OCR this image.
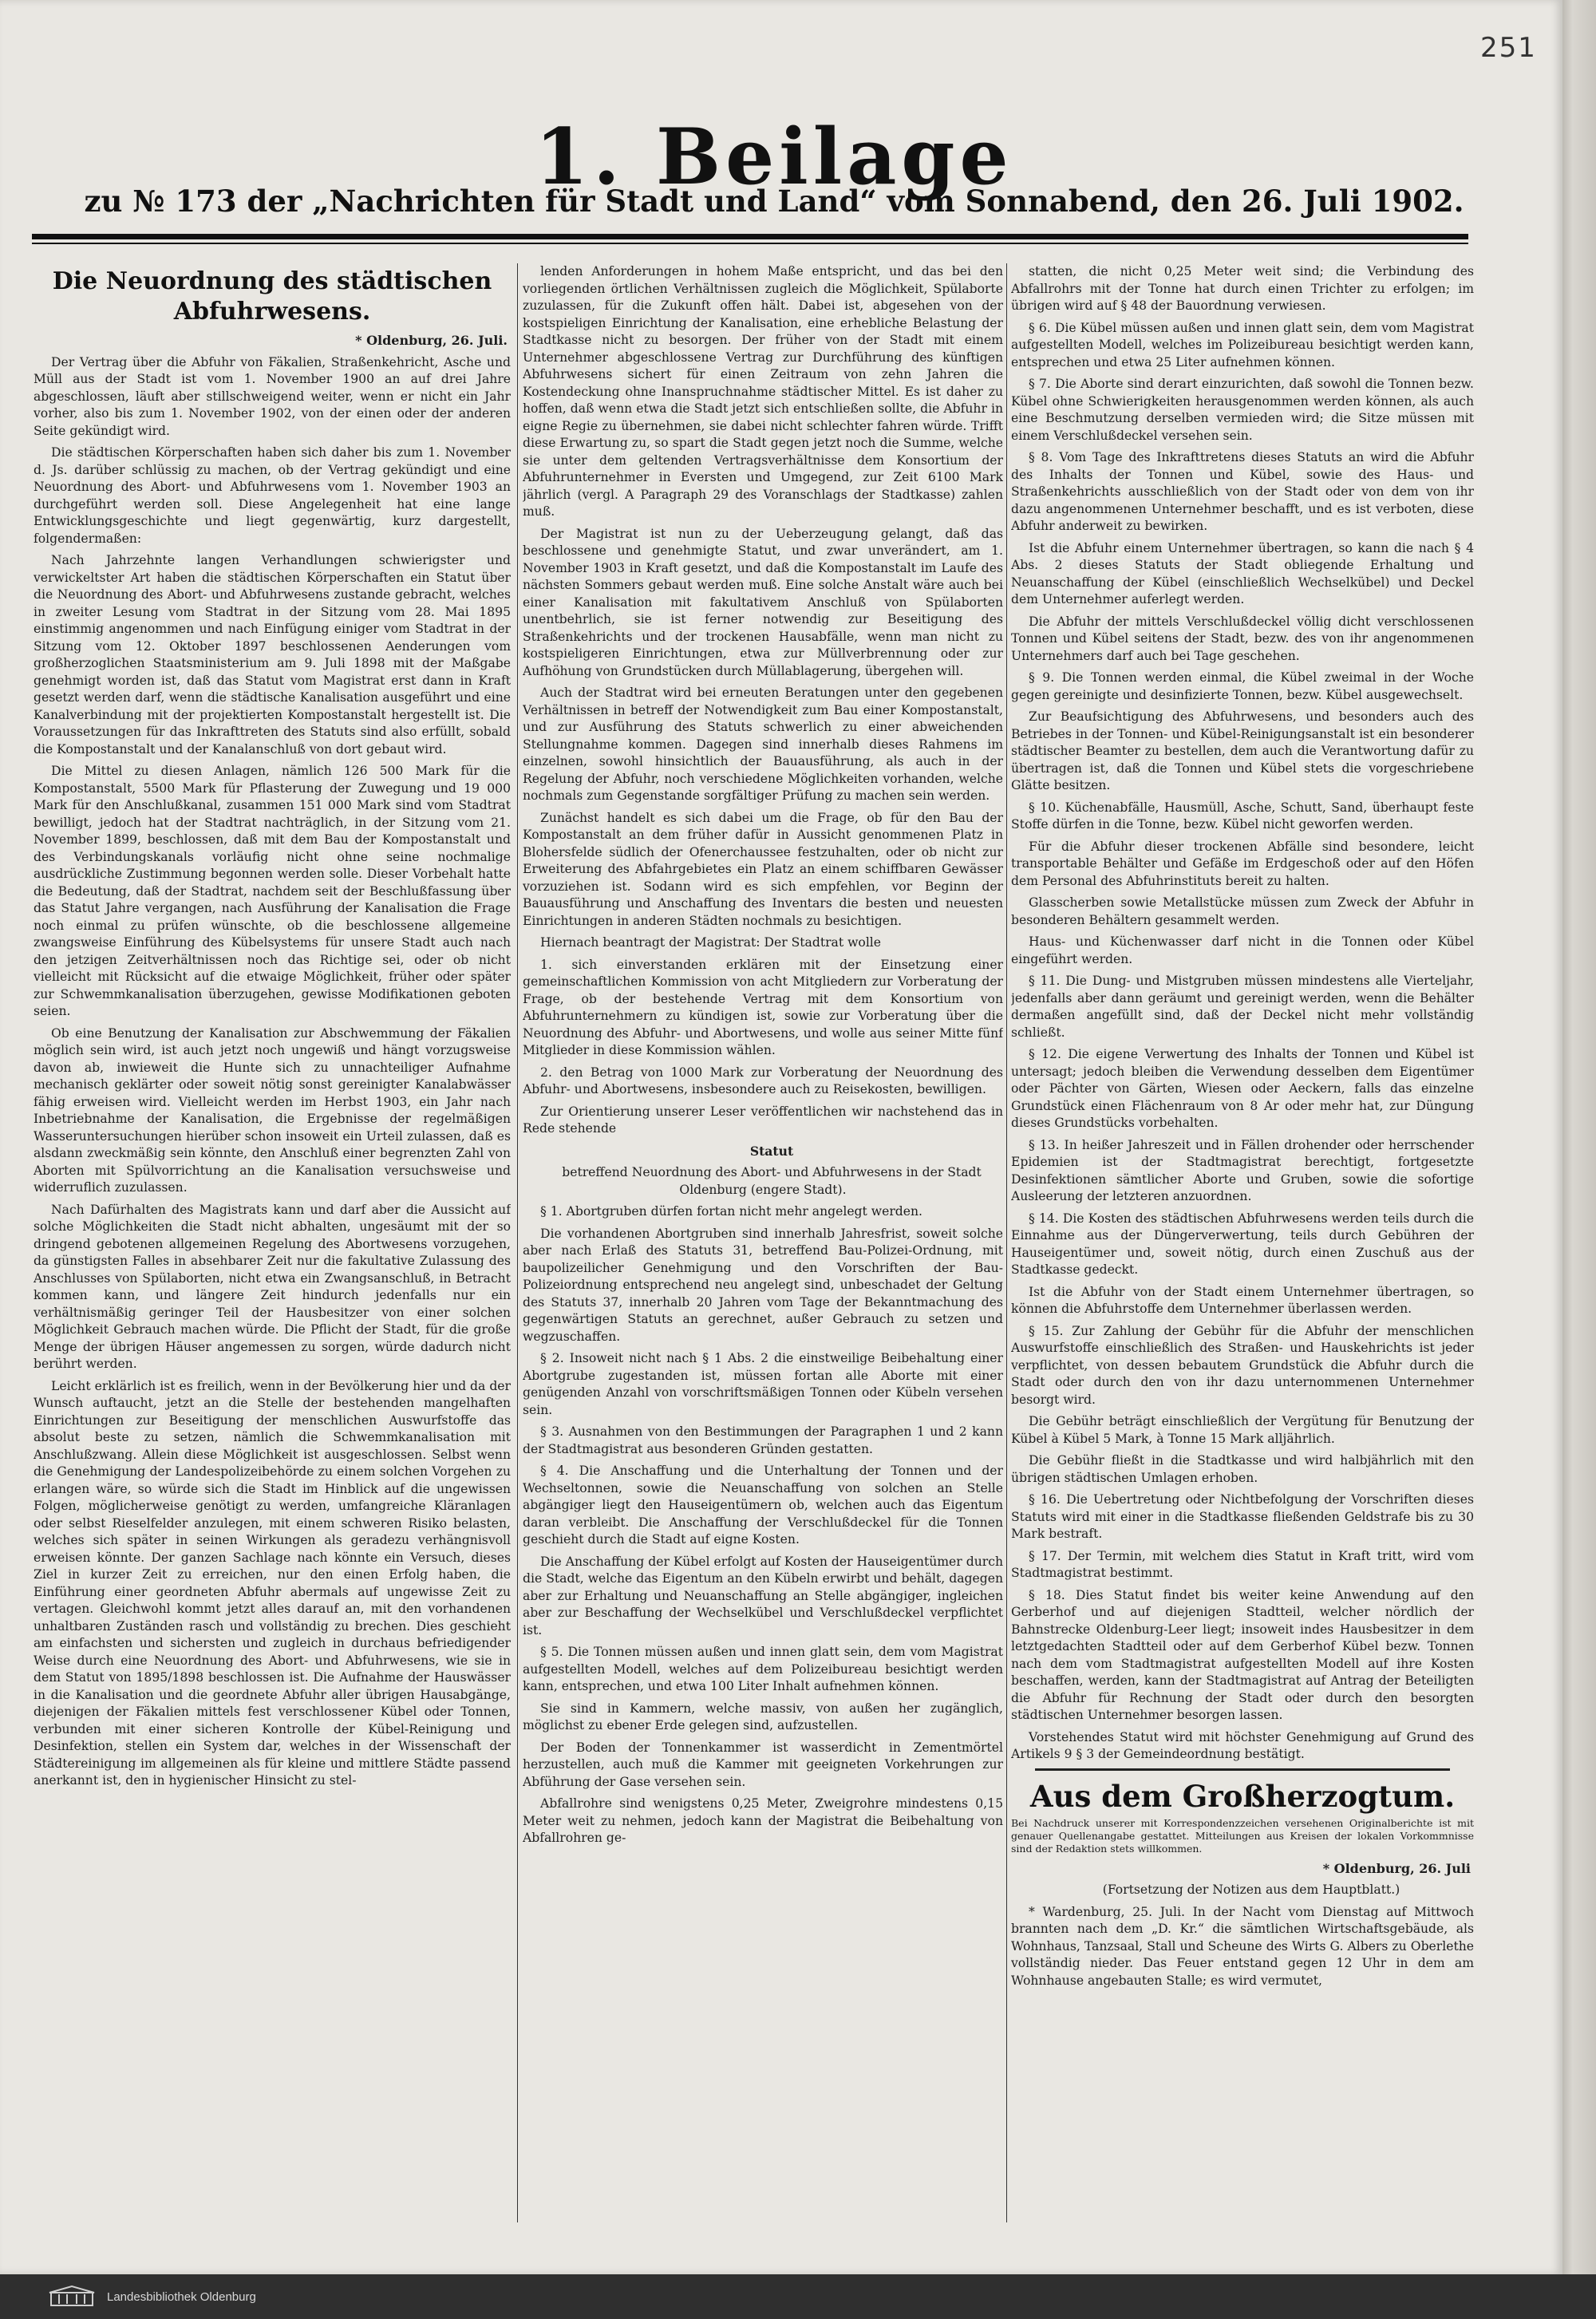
251
1. Beilage
zu № 173 der „Nachrichten für Stadt und Land“ vom Sonnabend, den 26. Juli 1902.
Die Neuordnung des städtischen Abfuhrwesens.
* Oldenburg, 26. Juli.

Der Vertrag über die Abfuhr von Fäkalien, Straßenkehricht, Asche und Müll aus der Stadt ist vom 1. November 1900 an auf drei Jahre abgeschlossen, läuft aber stillschweigend weiter, wenn er nicht ein Jahr vorher, also bis zum 1. November 1902, von der einen oder der anderen Seite gekündigt wird.

Die städtischen Körperschaften haben sich daher bis zum 1. November d. Js. darüber schlüssig zu machen, ob der Vertrag gekündigt und eine Neuordnung des Abort- und Abfuhrwesens vom 1. November 1903 an durchgeführt werden soll. Diese Angelegenheit hat eine lange Entwicklungsgeschichte und liegt gegenwärtig, kurz dargestellt, folgendermaßen:

Nach Jahrzehnte langen Verhandlungen schwierigster und verwickeltster Art haben die städtischen Körperschaften ein Statut über die Neuordnung des Abort- und Abfuhrwesens zustande gebracht, welches in zweiter Lesung vom Stadtrat in der Sitzung vom 28. Mai 1895 einstimmig angenommen und nach Einfügung einiger vom Stadtrat in der Sitzung vom 12. Oktober 1897 beschlossenen Aenderungen vom großherzoglichen Staatsministerium am 9. Juli 1898 mit der Maßgabe genehmigt worden ist, daß das Statut vom Magistrat erst dann in Kraft gesetzt werden darf, wenn die städtische Kanalisation ausgeführt und eine Kanalverbindung mit der projektierten Kompostanstalt hergestellt ist. Die Voraussetzungen für das Inkrafttreten des Statuts sind also erfüllt, sobald die Kompostanstalt und der Kanalanschluß von dort gebaut wird.

Die Mittel zu diesen Anlagen, nämlich 126 500 Mark für die Kompostanstalt, 5500 Mark für Pflasterung der Zuwegung und 19 000 Mark für den Anschlußkanal, zusammen 151 000 Mark sind vom Stadtrat bewilligt, jedoch hat der Stadtrat nachträglich, in der Sitzung vom 21. November 1899, beschlossen, daß mit dem Bau der Kompostanstalt und des Verbindungskanals vorläufig nicht ohne seine nochmalige ausdrückliche Zustimmung begonnen werden solle. Dieser Vorbehalt hatte die Bedeutung, daß der Stadtrat, nachdem seit der Beschlußfassung über das Statut Jahre vergangen, nach Ausführung der Kanalisation die Frage noch einmal zu prüfen wünschte, ob die beschlossene allgemeine zwangsweise Einführung des Kübelsystems für unsere Stadt auch nach den jetzigen Zeitverhältnissen noch das Richtige sei, oder ob nicht vielleicht mit Rücksicht auf die etwaige Möglichkeit, früher oder später zur Schwemmkanalisation überzugehen, gewisse Modifikationen geboten seien.

Ob eine Benutzung der Kanalisation zur Abschwemmung der Fäkalien möglich sein wird, ist auch jetzt noch ungewiß und hängt vorzugsweise davon ab, inwieweit die Hunte sich zu unnachteiliger Aufnahme mechanisch geklärter oder soweit nötig sonst gereinigter Kanalabwässer fähig erweisen wird. Vielleicht werden im Herbst 1903, ein Jahr nach Inbetriebnahme der Kanalisation, die Ergebnisse der regelmäßigen Wasseruntersuchungen hierüber schon insoweit ein Urteil zulassen, daß es alsdann zweckmäßig sein könnte, den Anschluß einer begrenzten Zahl von Aborten mit Spülvorrichtung an die Kanalisation versuchsweise und widerruflich zuzulassen.

Nach Dafürhalten des Magistrats kann und darf aber die Aussicht auf solche Möglichkeiten die Stadt nicht abhalten, ungesäumt mit der so dringend gebotenen allgemeinen Regelung des Abortwesens vorzugehen, da günstigsten Falles in absehbarer Zeit nur die fakultative Zulassung des Anschlusses von Spülaborten, nicht etwa ein Zwangsanschluß, in Betracht kommen kann, und längere Zeit hindurch jedenfalls nur ein verhältnismäßig geringer Teil der Hausbesitzer von einer solchen Möglichkeit Gebrauch machen würde. Die Pflicht der Stadt, für die große Menge der übrigen Häuser angemessen zu sorgen, würde dadurch nicht berührt werden.

Leicht erklärlich ist es freilich, wenn in der Bevölkerung hier und da der Wunsch auftaucht, jetzt an die Stelle der bestehenden mangelhaften Einrichtungen zur Beseitigung der menschlichen Auswurfstoffe das absolut beste zu setzen, nämlich die Schwemmkanalisation mit Anschlußzwang. Allein diese Möglichkeit ist ausgeschlossen. Selbst wenn die Genehmigung der Landespolizeibehörde zu einem solchen Vorgehen zu erlangen wäre, so würde sich die Stadt im Hinblick auf die ungewissen Folgen, möglicherweise genötigt zu werden, umfangreiche Kläranlagen oder selbst Rieselfelder anzulegen, mit einem schweren Risiko belasten, welches sich später in seinen Wirkungen als geradezu verhängnisvoll erweisen könnte. Der ganzen Sachlage nach könnte ein Versuch, dieses Ziel in kurzer Zeit zu erreichen, nur den einen Erfolg haben, die Einführung einer geordneten Abfuhr abermals auf ungewisse Zeit zu vertagen. Gleichwohl kommt jetzt alles darauf an, mit den vorhandenen unhaltbaren Zuständen rasch und vollständig zu brechen. Dies geschieht am einfachsten und sichersten und zugleich in durchaus befriedigender Weise durch eine Neuordnung des Abort- und Abfuhrwesens, wie sie in dem Statut von 1895/1898 beschlossen ist. Die Aufnahme der Hauswässer in die Kanalisation und die geordnete Abfuhr aller übrigen Hausabgänge, diejenigen der Fäkalien mittels fest verschlossener Kübel oder Tonnen, verbunden mit einer sicheren Kontrolle der Kübel-Reinigung und Desinfektion, stellen ein System dar, welches in der Wissenschaft der Städtereinigung im allgemeinen als für kleine und mittlere Städte passend anerkannt ist, den in hygienischer Hinsicht zu stel-

lenden Anforderungen in hohem Maße entspricht, und das bei den vorliegenden örtlichen Verhältnissen zugleich die Möglichkeit, Spülaborte zuzulassen, für die Zukunft offen hält. Dabei ist, abgesehen von der kostspieligen Einrichtung der Kanalisation, eine erhebliche Belastung der Stadtkasse nicht zu besorgen. Der früher von der Stadt mit einem Unternehmer abgeschlossene Vertrag zur Durchführung des künftigen Abfuhrwesens sichert für einen Zeitraum von zehn Jahren die Kostendeckung ohne Inanspruchnahme städtischer Mittel. Es ist daher zu hoffen, daß wenn etwa die Stadt jetzt sich entschließen sollte, die Abfuhr in eigne Regie zu übernehmen, sie dabei nicht schlechter fahren würde. Trifft diese Erwartung zu, so spart die Stadt gegen jetzt noch die Summe, welche sie unter dem geltenden Vertragsverhältnisse dem Konsortium der Abfuhrunternehmer in Eversten und Umgegend, zur Zeit 6100 Mark jährlich (vergl. A Paragraph 29 des Voranschlags der Stadtkasse) zahlen muß.

Der Magistrat ist nun zu der Ueberzeugung gelangt, daß das beschlossene und genehmigte Statut, und zwar unverändert, am 1. November 1903 in Kraft gesetzt, und daß die Kompostanstalt im Laufe des nächsten Sommers gebaut werden muß. Eine solche Anstalt wäre auch bei einer Kanalisation mit fakultativem Anschluß von Spülaborten unentbehrlich, sie ist ferner notwendig zur Beseitigung des Straßenkehrichts und der trockenen Hausabfälle, wenn man nicht zu kostspieligeren Einrichtungen, etwa zur Müllverbrennung oder zur Aufhöhung von Grundstücken durch Müllablagerung, übergehen will.

Auch der Stadtrat wird bei erneuten Beratungen unter den gegebenen Verhältnissen in betreff der Notwendigkeit zum Bau einer Kompostanstalt, und zur Ausführung des Statuts schwerlich zu einer abweichenden Stellungnahme kommen. Dagegen sind innerhalb dieses Rahmens im einzelnen, sowohl hinsichtlich der Bauausführung, als auch in der Regelung der Abfuhr, noch verschiedene Möglichkeiten vorhanden, welche nochmals zum Gegenstande sorgfältiger Prüfung zu machen sein werden.

Zunächst handelt es sich dabei um die Frage, ob für den Bau der Kompostanstalt an dem früher dafür in Aussicht genommenen Platz in Blohersfelde südlich der Ofenerchaussee festzuhalten, oder ob nicht zur Erweiterung des Abfahrgebietes ein Platz an einem schiffbaren Gewässer vorzuziehen ist. Sodann wird es sich empfehlen, vor Beginn der Bauausführung und Anschaffung des Inventars die besten und neuesten Einrichtungen in anderen Städten nochmals zu besichtigen.

Hiernach beantragt der Magistrat: Der Stadtrat wolle

1. sich einverstanden erklären mit der Einsetzung einer gemeinschaftlichen Kommission von acht Mitgliedern zur Vorberatung der Frage, ob der bestehende Vertrag mit dem Konsortium von Abfuhrunternehmern zu kündigen ist, sowie zur Vorberatung über die Neuordnung des Abfuhr- und Abortwesens, und wolle aus seiner Mitte fünf Mitglieder in diese Kommission wählen.

2. den Betrag von 1000 Mark zur Vorberatung der Neuordnung des Abfuhr- und Abortwesens, insbesondere auch zu Reisekosten, bewilligen.

Zur Orientierung unserer Leser veröffentlichen wir nachstehend das in Rede stehende

Statut

betreffend Neuordnung des Abort- und Abfuhrwesens in der Stadt Oldenburg (engere Stadt).

§ 1. Abortgruben dürfen fortan nicht mehr angelegt werden.

Die vorhandenen Abortgruben sind innerhalb Jahresfrist, soweit solche aber nach Erlaß des Statuts 31, betreffend Bau-Polizei-Ordnung, mit baupolizeilicher Genehmigung und den Vorschriften der Bau-Polizeiordnung entsprechend neu angelegt sind, unbeschadet der Geltung des Statuts 37, innerhalb 20 Jahren vom Tage der Bekanntmachung des gegenwärtigen Statuts an gerechnet, außer Gebrauch zu setzen und wegzuschaffen.

§ 2. Insoweit nicht nach § 1 Abs. 2 die einstweilige Beibehaltung einer Abortgrube zugestanden ist, müssen fortan alle Aborte mit einer genügenden Anzahl von vorschriftsmäßigen Tonnen oder Kübeln versehen sein.

§ 3. Ausnahmen von den Bestimmungen der Paragraphen 1 und 2 kann der Stadtmagistrat aus besonderen Gründen gestatten.

§ 4. Die Anschaffung und die Unterhaltung der Tonnen und der Wechseltonnen, sowie die Neuanschaffung von solchen an Stelle abgängiger liegt den Hauseigentümern ob, welchen auch das Eigentum daran verbleibt. Die Anschaffung der Verschlußdeckel für die Tonnen geschieht durch die Stadt auf eigne Kosten.

Die Anschaffung der Kübel erfolgt auf Kosten der Hauseigentümer durch die Stadt, welche das Eigentum an den Kübeln erwirbt und behält, dagegen aber zur Erhaltung und Neuanschaffung an Stelle abgängiger, ingleichen aber zur Beschaffung der Wechselkübel und Verschlußdeckel verpflichtet ist.

§ 5. Die Tonnen müssen außen und innen glatt sein, dem vom Magistrat aufgestellten Modell, welches auf dem Polizeibureau besichtigt werden kann, entsprechen, und etwa 100 Liter Inhalt aufnehmen können.

Sie sind in Kammern, welche massiv, von außen her zugänglich, möglichst zu ebener Erde gelegen sind, aufzustellen.

Der Boden der Tonnenkammer ist wasserdicht in Zementmörtel herzustellen, auch muß die Kammer mit geeigneten Vorkehrungen zur Abführung der Gase versehen sein.

Abfallrohre sind wenigstens 0,25 Meter, Zweigrohre mindestens 0,15 Meter weit zu nehmen, jedoch kann der Magistrat die Beibehaltung von Abfallrohren ge-

statten, die nicht 0,25 Meter weit sind; die Verbindung des Abfallrohrs mit der Tonne hat durch einen Trichter zu erfolgen; im übrigen wird auf § 48 der Bauordnung verwiesen.

§ 6. Die Kübel müssen außen und innen glatt sein, dem vom Magistrat aufgestellten Modell, welches im Polizeibureau besichtigt werden kann, entsprechen und etwa 25 Liter aufnehmen können.

§ 7. Die Aborte sind derart einzurichten, daß sowohl die Tonnen bezw. Kübel ohne Schwierigkeiten herausgenommen werden können, als auch eine Beschmutzung derselben vermieden wird; die Sitze müssen mit einem Verschlußdeckel versehen sein.

§ 8. Vom Tage des Inkrafttretens dieses Statuts an wird die Abfuhr des Inhalts der Tonnen und Kübel, sowie des Haus- und Straßenkehrichts ausschließlich von der Stadt oder von dem von ihr dazu angenommenen Unternehmer beschafft, und es ist verboten, diese Abfuhr anderweit zu bewirken.

Ist die Abfuhr einem Unternehmer übertragen, so kann die nach § 4 Abs. 2 dieses Statuts der Stadt obliegende Erhaltung und Neuanschaffung der Kübel (einschließlich Wechselkübel) und Deckel dem Unternehmer auferlegt werden.

Die Abfuhr der mittels Verschlußdeckel völlig dicht verschlossenen Tonnen und Kübel seitens der Stadt, bezw. des von ihr angenommenen Unternehmers darf auch bei Tage geschehen.

§ 9. Die Tonnen werden einmal, die Kübel zweimal in der Woche gegen gereinigte und desinfizierte Tonnen, bezw. Kübel ausgewechselt.

Zur Beaufsichtigung des Abfuhrwesens, und besonders auch des Betriebes in der Tonnen- und Kübel-Reinigungsanstalt ist ein besonderer städtischer Beamter zu bestellen, dem auch die Verantwortung dafür zu übertragen ist, daß die Tonnen und Kübel stets die vorgeschriebene Glätte besitzen.

§ 10. Küchenabfälle, Hausmüll, Asche, Schutt, Sand, überhaupt feste Stoffe dürfen in die Tonne, bezw. Kübel nicht geworfen werden.

Für die Abfuhr dieser trockenen Abfälle sind besondere, leicht transportable Behälter und Gefäße im Erdgeschoß oder auf den Höfen dem Personal des Abfuhrinstituts bereit zu halten.

Glasscherben sowie Metallstücke müssen zum Zweck der Abfuhr in besonderen Behältern gesammelt werden.

Haus- und Küchenwasser darf nicht in die Tonnen oder Kübel eingeführt werden.

§ 11. Die Dung- und Mistgruben müssen mindestens alle Vierteljahr, jedenfalls aber dann geräumt und gereinigt werden, wenn die Behälter dermaßen angefüllt sind, daß der Deckel nicht mehr vollständig schließt.

§ 12. Die eigene Verwertung des Inhalts der Tonnen und Kübel ist untersagt; jedoch bleiben die Verwendung desselben dem Eigentümer oder Pächter von Gärten, Wiesen oder Aeckern, falls das einzelne Grundstück einen Flächenraum von 8 Ar oder mehr hat, zur Düngung dieses Grundstücks vorbehalten.

§ 13. In heißer Jahreszeit und in Fällen drohender oder herrschender Epidemien ist der Stadtmagistrat berechtigt, fortgesetzte Desinfektionen sämtlicher Aborte und Gruben, sowie die sofortige Ausleerung der letzteren anzuordnen.

§ 14. Die Kosten des städtischen Abfuhrwesens werden teils durch die Einnahme aus der Düngerverwertung, teils durch Gebühren der Hauseigentümer und, soweit nötig, durch einen Zuschuß aus der Stadtkasse gedeckt.

Ist die Abfuhr von der Stadt einem Unternehmer übertragen, so können die Abfuhrstoffe dem Unternehmer überlassen werden.

§ 15. Zur Zahlung der Gebühr für die Abfuhr der menschlichen Auswurfstoffe einschließlich des Straßen- und Hauskehrichts ist jeder verpflichtet, von dessen bebautem Grundstück die Abfuhr durch die Stadt oder durch den von ihr dazu unternommenen Unternehmer besorgt wird.

Die Gebühr beträgt einschließlich der Vergütung für Benutzung der Kübel à Kübel 5 Mark, à Tonne 15 Mark alljährlich.

Die Gebühr fließt in die Stadtkasse und wird halbjährlich mit den übrigen städtischen Umlagen erhoben.

§ 16. Die Uebertretung oder Nichtbefolgung der Vorschriften dieses Statuts wird mit einer in die Stadtkasse fließenden Geldstrafe bis zu 30 Mark bestraft.

§ 17. Der Termin, mit welchem dies Statut in Kraft tritt, wird vom Stadtmagistrat bestimmt.

§ 18. Dies Statut findet bis weiter keine Anwendung auf den Gerberhof und auf diejenigen Stadtteil, welcher nördlich der Bahnstrecke Oldenburg-Leer liegt; insoweit indes Hausbesitzer in dem letztgedachten Stadtteil oder auf dem Gerberhof Kübel bezw. Tonnen nach dem vom Stadtmagistrat aufgestellten Modell auf ihre Kosten beschaffen, werden, kann der Stadtmagistrat auf Antrag der Beteiligten die Abfuhr für Rechnung der Stadt oder durch den besorgten städtischen Unternehmer besorgen lassen.

Vorstehendes Statut wird mit höchster Genehmigung auf Grund des Artikels 9 § 3 der Gemeindeordnung bestätigt.

Aus dem Großherzogtum.

Bei Nachdruck unserer mit Korrespondenzzeichen versehenen Originalberichte ist mit genauer Quellenangabe gestattet. Mitteilungen aus Kreisen der lokalen Vorkommnisse sind der Redaktion stets willkommen.

* Oldenburg, 26. Juli

(Fortsetzung der Notizen aus dem Hauptblatt.)

* Wardenburg, 25. Juli. In der Nacht vom Dienstag auf Mittwoch brannten nach dem „D. Kr.“ die sämtlichen Wirtschaftsgebäude, als Wohnhaus, Tanzsaal, Stall und Scheune des Wirts G. Albers zu Oberlethe vollständig nieder. Das Feuer entstand gegen 12 Uhr in dem am Wohnhause angebauten Stalle; es wird vermutet,

Landesbibliothek Oldenburg
